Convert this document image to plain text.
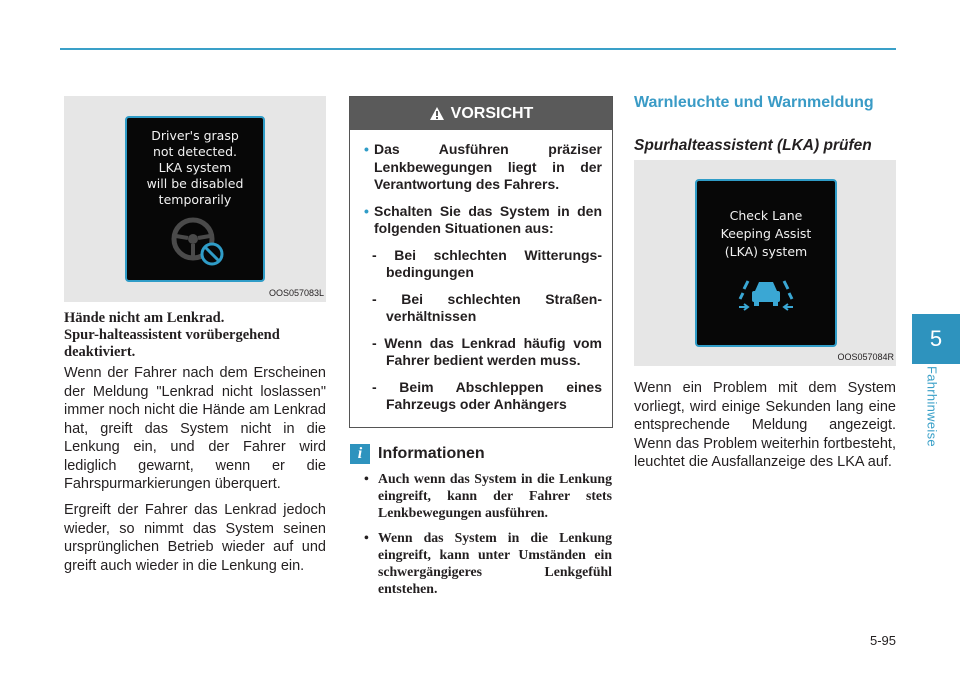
Driver's grasp
not detected.
LKA system
will be disabled
temporarily
OOS057083L
Hände nicht am Lenkrad.
Spur-halteassistent vorübergehend
deaktiviert.
Wenn der Fahrer nach dem Erscheinen der Meldung "Lenkrad nicht loslassen" immer noch nicht die Hände am Lenkrad hat, greift das System nicht in die Lenkung ein, und der Fahrer wird lediglich gewarnt, wenn er die Fahrspurmarkierungen überquert.
Ergreift der Fahrer das Lenkrad jedoch wieder, so nimmt das System seinen ursprünglichen Betrieb wieder auf und greift auch wieder in die Lenkung ein.
VORSICHT
• Das Ausführen präziser Lenkbewegungen liegt in der Verantwortung des Fahrers.
• Schalten Sie das System in den folgenden Situationen aus:
- Bei schlechten Witterungs-bedingungen
- Bei schlechten Straßen-verhältnissen
- Wenn das Lenkrad häufig vom Fahrer bedient werden muss.
- Beim Abschleppen eines Fahrzeugs oder Anhängers
i Informationen
• Auch wenn das System in die Lenkung eingreift, kann der Fahrer stets Lenkbewegungen ausführen.
• Wenn das System in die Lenkung eingreift, kann unter Umständen ein schwergängigeres Lenkgefühl entstehen.
Warnleuchte und Warnmeldung
Spurhalteassistent (LKA) prüfen
Check Lane
Keeping Assist
(LKA) system
OOS057084R
Wenn ein Problem mit dem System vorliegt, wird einige Sekunden lang eine entsprechende Meldung angezeigt. Wenn das Problem weiterhin fortbesteht, leuchtet die Ausfallanzeige des LKA auf.
5
Fahrhinweise
5-95
